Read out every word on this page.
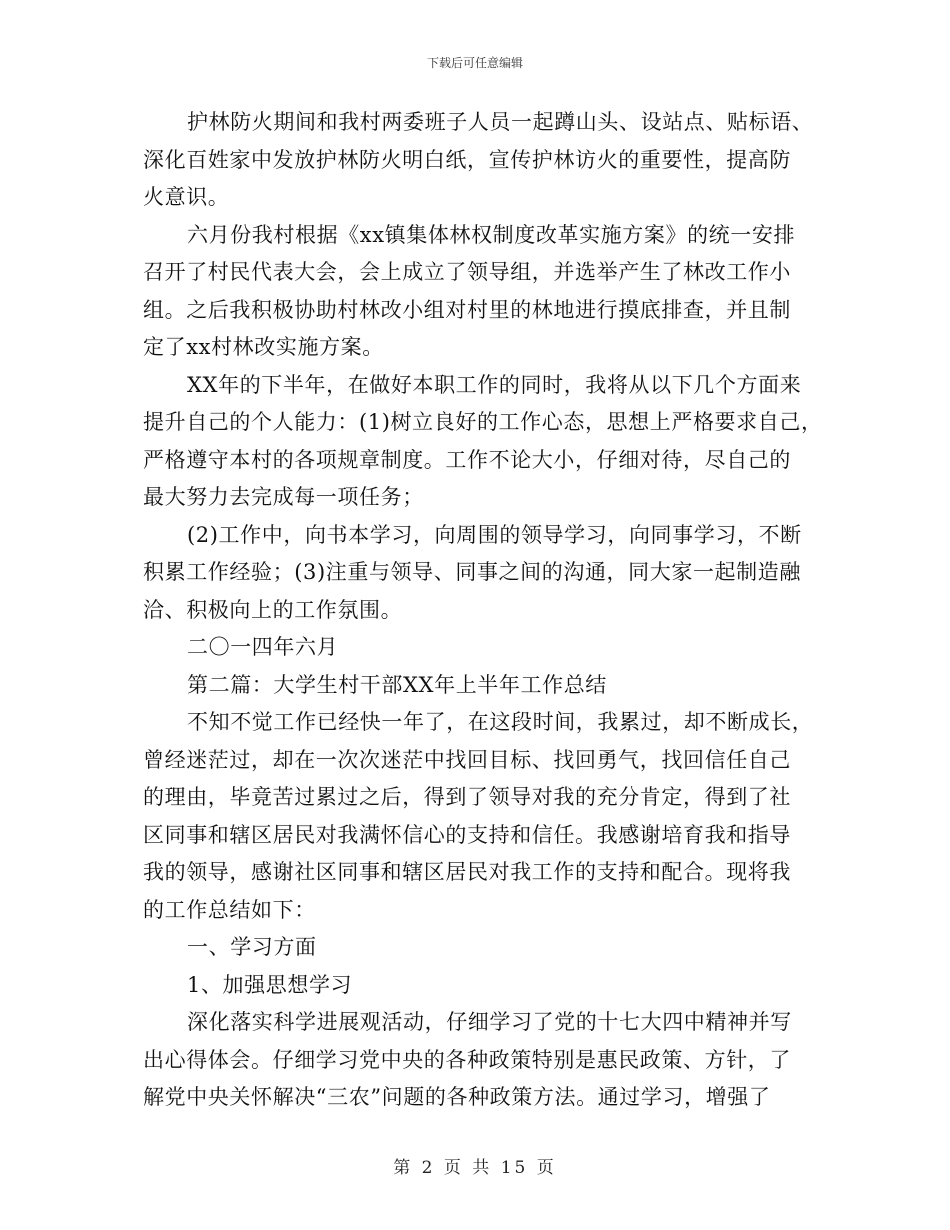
下载后可任意编辑
护林防火期间和我村两委班子人员一起蹲山头、设站点、贴标语、
深化百姓家中发放护林防火明白纸，宣传护林访火的重要性，提高防
火意识。
六月份我村根据《xx镇集体林权制度改革实施方案》的统一安排
召开了村民代表大会，会上成立了领导组，并选举产生了林改工作小
组。之后我积极协助村林改小组对村里的林地进行摸底排查，并且制
定了xx村林改实施方案。
XX年的下半年，在做好本职工作的同时，我将从以下几个方面来
提升自己的个人能力：(1)树立良好的工作心态，思想上严格要求自己，
严格遵守本村的各项规章制度。工作不论大小，仔细对待，尽自己的
最大努力去完成每一项任务；
(2)工作中，向书本学习，向周围的领导学习，向同事学习，不断
积累工作经验；(3)注重与领导、同事之间的沟通，同大家一起制造融
洽、积极向上的工作氛围。
二〇一四年六月
第二篇：大学生村干部XX年上半年工作总结
不知不觉工作已经快一年了，在这段时间，我累过，却不断成长，
曾经迷茫过，却在一次次迷茫中找回目标、找回勇气，找回信任自己
的理由，毕竟苦过累过之后，得到了领导对我的充分肯定，得到了社
区同事和辖区居民对我满怀信心的支持和信任。我感谢培育我和指导
我的领导，感谢社区同事和辖区居民对我工作的支持和配合。现将我
的工作总结如下：
一、学习方面
1、加强思想学习
深化落实科学进展观活动，仔细学习了党的十七大四中精神并写
出心得体会。仔细学习党中央的各种政策特别是惠民政策、方针，了
解党中央关怀解决“三农”问题的各种政策方法。通过学习，增强了
第 2 页 共 15 页
